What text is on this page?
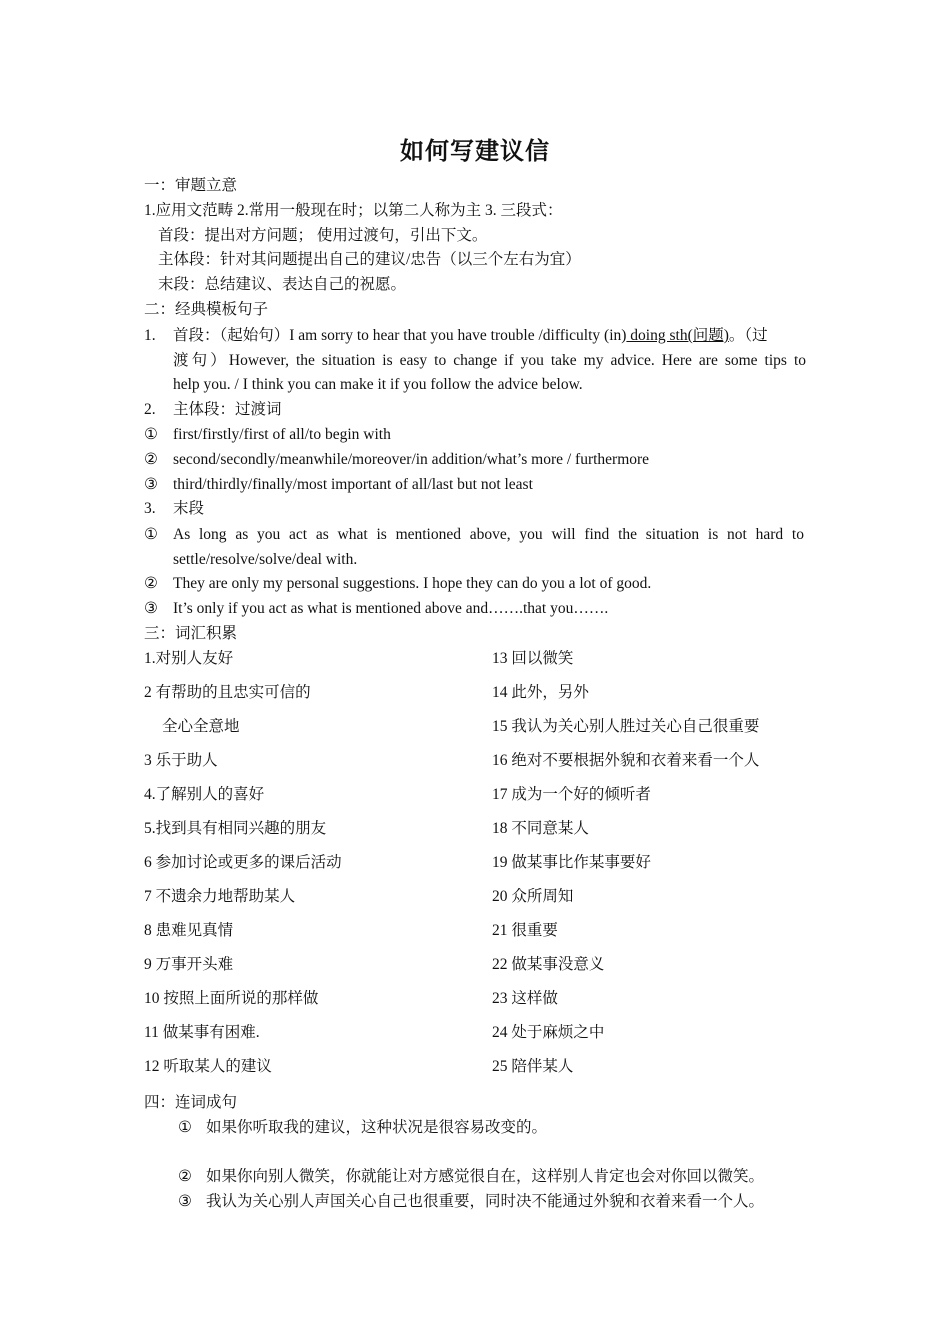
如何写建议信
一：审题立意
1.应用文范畴 2.常用一般现在时；以第二人称为主 3. 三段式：
首段：提出对方问题； 使用过渡句，引出下文。
主体段：针对其问题提出自己的建议/忠告（以三个左右为宜）
末段：总结建议、表达自己的祝愿。
二：经典模板句子
1. 首段：（起始句）I am sorry to hear that you have trouble /difficulty (in) doing sth(问题)。（过
渡句）However, the situation is easy to change if you take my advice. Here are some tips to
help you. / I think you can make it if you follow the advice below.
2. 主体段：过渡词
① first/firstly/first of all/to begin with
② second/secondly/meanwhile/moreover/in addition/what’s more / furthermore
③ third/thirdly/finally/most important of all/last but not least
3. 末段
① As long as you act as what is mentioned above, you will find the situation is not hard to
settle/resolve/solve/deal with.
② They are only my personal suggestions. I hope they can do you a lot of good.
③ It’s only if you act as what is mentioned above and…….that you…….
三：词汇积累
1.对别人友好
2 有帮助的且忠实可信的
全心全意地
3 乐于助人
4.了解别人的喜好
5.找到具有相同兴趣的朋友
6 参加讨论或更多的课后活动
7 不遗余力地帮助某人
8 患难见真情
9 万事开头难
10 按照上面所说的那样做
11 做某事有困难.
12 听取某人的建议
13 回以微笑
14 此外，另外
15 我认为关心别人胜过关心自己很重要
16 绝对不要根据外貌和衣着来看一个人
17 成为一个好的倾听者
18 不同意某人
19 做某事比作某事要好
20 众所周知
21 很重要
22 做某事没意义
23 这样做
24 处于麻烦之中
25 陪伴某人
四：连词成句
① 如果你听取我的建议，这种状况是很容易改变的。
② 如果你向别人微笑，你就能让对方感觉很自在，这样别人肯定也会对你回以微笑。
③ 我认为关心别人声国关心自己也很重要，同时决不能通过外貌和衣着来看一个人。
